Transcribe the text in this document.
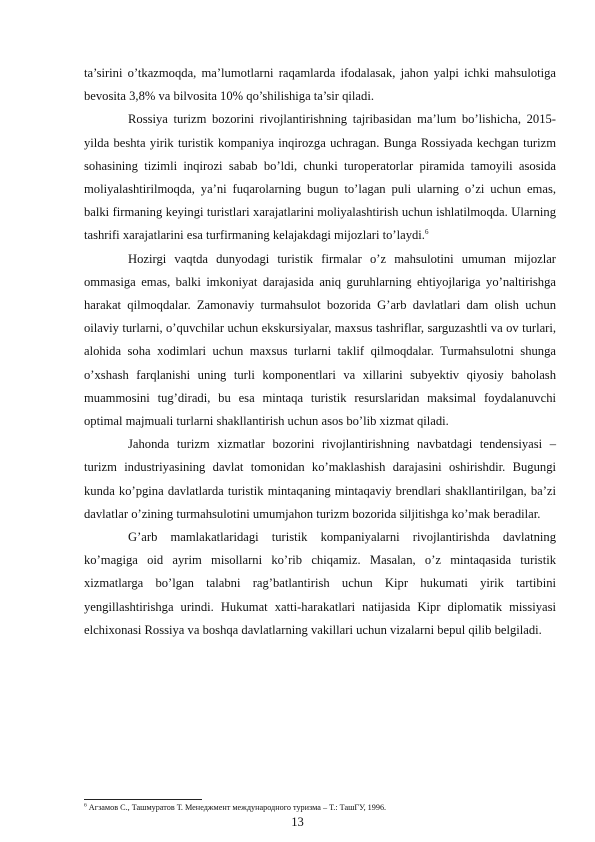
ta’sirini o’tkazmoqda, ma’lumotlarni raqamlarda ifodalasak, jahon yalpi ichki mahsulotiga bevosita 3,8% va bilvosita 10% qo’shilishiga ta’sir qiladi.

Rossiya turizm bozorini rivojlantirishning tajribasidan ma’lum bo’lishicha, 2015-yilda beshta yirik turistik kompaniya inqirozga uchragan. Bunga Rossiyada kechgan turizm sohasining tizimli inqirozi sabab bo’ldi, chunki turoperatorlar piramida tamoyili asosida moliyalashtirilmoqda, ya’ni fuqarolarning bugun to’lagan puli ularning o’zi uchun emas, balki firmaning keyingi turistlari xarajatlarini moliyalashtirish uchun ishlatilmoqda. Ularning tashrifi xarajatlarini esa turfirmaning kelajakdagi mijozlari to’laydi.$^6$

Hozirgi vaqtda dunyodagi turistik firmalar o’z mahsulotini umuman mijozlar ommasiga emas, balki imkoniyat darajasida aniq guruhlarning ehtiyojlariga yo’naltirishga harakat qilmoqdalar. Zamonaviy turmahsulot bozorida G’arb davlatlari dam olish uchun oilaviy turlarni, o’quvchilar uchun ekskursiyalar, maxsus tashriflar, sarguzashtli va ov turlari, alohida soha xodimlari uchun maxsus turlarni taklif qilmoqdalar. Turmahsulotni shunga o’xshash farqlanishi uning turli komponentlari va xillarini subyektiv qiyosiy baholash muammosini tug’diradi, bu esa mintaqa turistik resurslaridan maksimal foydalanuvchi optimal majmuali turlarni shakllantirish uchun asos bo’lib xizmat qiladi.

Jahonda turizm xizmatlar bozorini rivojlantirishning navbatdagi tendensiyasi – turizm industriyasining davlat tomonidan ko’maklashish darajasini oshirishdir. Bugungi kunda ko’pgina davlatlarda turistik mintaqaning mintaqaviy brendlari shakllantirilgan, ba’zi davlatlar o’zining turmahsulotini umumjahon turizm bozorida siljitishga ko’mak beradilar.

G’arb mamlakatlaridagi turistik kompaniyalarni rivojlantirishda davlatning ko’magiga oid ayrim misollarni ko’rib chiqamiz. Masalan, o’z mintaqasida turistik xizmatlarga bo’lgan talabni rag’batlantirish uchun Kipr hukumati yirik tartibini yengillashtirishga urindi. Hukumat xatti-harakatlari natijasida Kipr diplomatik missiyasi elchixonasi Rossiya va boshqa davlatlarning vakillari uchun vizalarni bepul qilib belgiladi.

$^6$ Агзамов С., Ташмуратов Т. Менеджмент международного туризма – Т.: ТашГУ, 1996.
13
